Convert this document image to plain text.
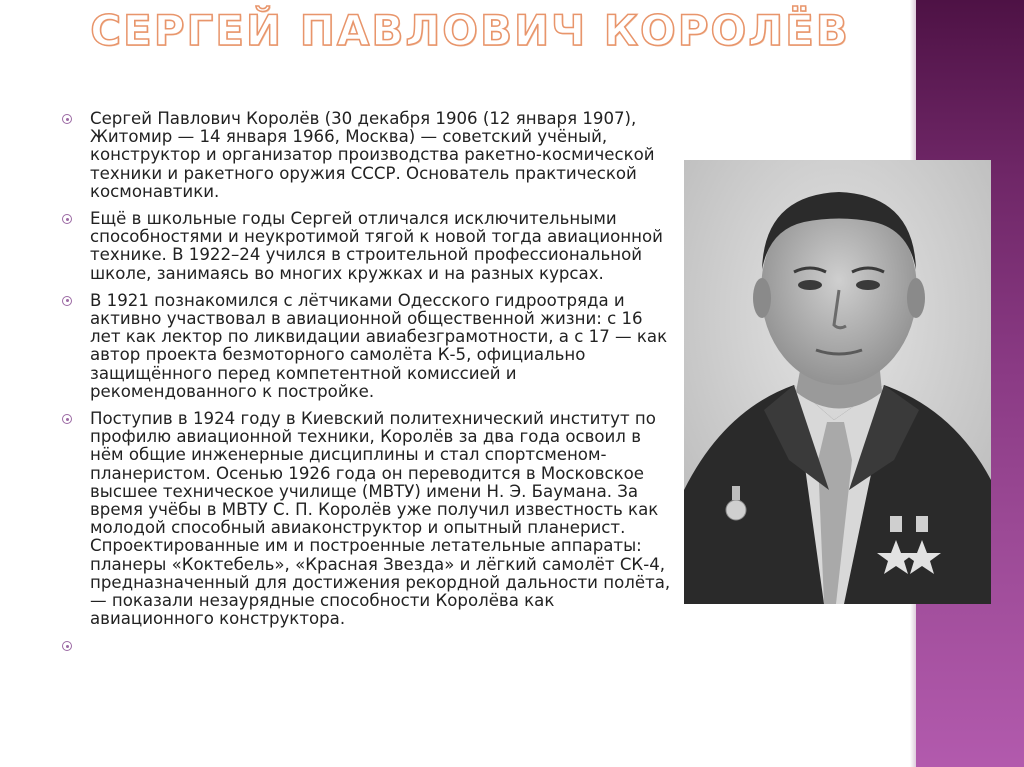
СЕРГЕЙ ПАВЛОВИЧ КОРОЛЁВ
Сергей Павлович Королёв (30 декабря 1906 (12 января 1907), Житомир — 14 января 1966, Москва) — советский учёный, конструктор и организатор производства ракетно-космической техники и ракетного оружия СССР. Основатель практической космонавтики.
Ещё в школьные годы Сергей отличался исключительными способностями и неукротимой тягой к новой тогда авиационной технике. В 1922–24 учился в строительной профессиональной школе, занимаясь во многих кружках и на разных курсах.
В 1921 познакомился с лётчиками Одесского гидроотряда и активно участвовал в авиационной общественной жизни: с 16 лет как лектор по ликвидации авиабезграмотности, а с 17 — как автор проекта безмоторного самолёта К-5, официально защищённого перед компетентной комиссией и рекомендованного к постройке.
Поступив в 1924 году в Киевский политехнический институт по профилю авиационной техники, Королёв за два года освоил в нём общие инженерные дисциплины и стал спортсменом-планеристом. Осенью 1926 года он переводится в Московское высшее техническое училище (МВТУ) имени Н. Э. Баумана. За время учёбы в МВТУ С. П. Королёв уже получил известность как молодой способный авиаконструктор и опытный планерист. Спроектированные им и построенные летательные аппараты: планеры «Коктебель», «Красная Звезда» и лёгкий самолёт СК-4, предназначенный для достижения рекордной дальности полёта, — показали незаурядные способности Королёва как авиационного конструктора.
